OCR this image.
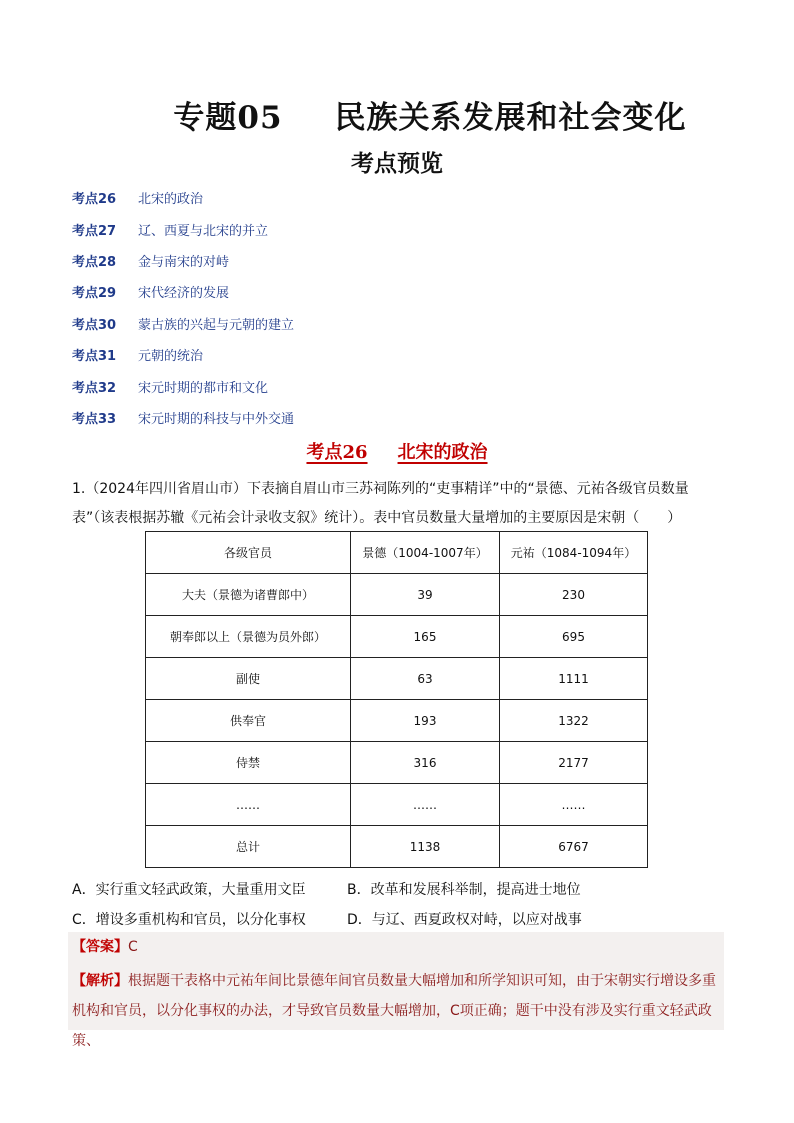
专题05 民族关系发展和社会变化
考点预览
考点26	北宋的政治
考点27	辽、西夏与北宋的并立
考点28	金与南宋的对峙
考点29	宋代经济的发展
考点30	蒙古族的兴起与元朝的建立
考点31	元朝的统治
考点32	宋元时期的都市和文化
考点33	宋元时期的科技与中外交通
考点26 北宋的政治
1.（2024年四川省眉山市）下表摘自眉山市三苏祠陈列的“吏事精详”中的“景德、元祐各级官员数量表”（该表根据苏辙《元祐会计录收支叙》统计）。表中官员数量大量增加的主要原因是宋朝（　　）
各级官员	景德（1004-1007年）	元祐（1084-1094年）
大夫（景德为诸曹郎中）	39	230
朝奉郎以上（景德为员外郎）	165	695
副使	63	1111
供奉官	193	1322
侍禁	316	2177
……	……	……
总计	1138	6767
A．实行重文轻武政策，大量重用文臣	B．改革和发展科举制，提高进士地位
C．增设多重机构和官员，以分化事权	D．与辽、西夏政权对峙，以应对战事
【答案】C
【解析】根据题干表格中元祐年间比景德年间官员数量大幅增加和所学知识可知，由于宋朝实行增设多重机构和官员，以分化事权的办法，才导致官员数量大幅增加，C项正确；题干中没有涉及实行重文轻武政策、
